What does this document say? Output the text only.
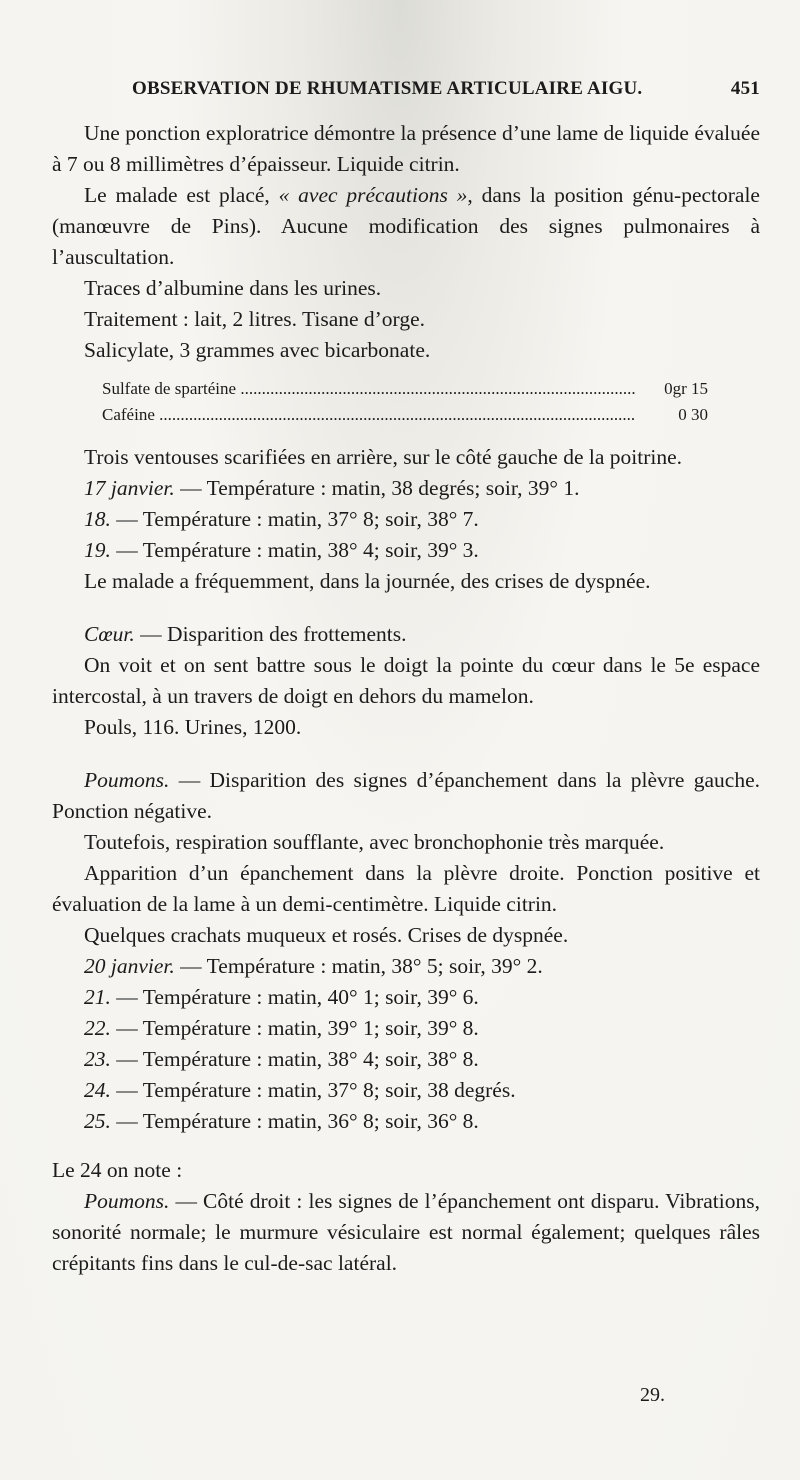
OBSERVATION DE RHUMATISME ARTICULAIRE AIGU.	451

Une ponction exploratrice démontre la présence d’une lame de liquide évaluée à 7 ou 8 millimètres d’épaisseur. Liquide citrin.

Le malade est placé, « avec précautions », dans la position génu-pectorale (manœuvre de Pins). Aucune modification des signes pulmonaires à l’auscultation.

Traces d’albumine dans les urines.

Traitement : lait, 2 litres. Tisane d’orge.

Salicylate, 3 grammes avec bicarbonate.

Sulfate de spartéine .....	0gr 15
Caféine .....	0 30

Trois ventouses scarifiées en arrière, sur le côté gauche de la poitrine.

17 janvier. — Température : matin, 38 degrés; soir, 39° 1.

18. — Température : matin, 37° 8; soir, 38° 7.

19. — Température : matin, 38° 4; soir, 39° 3.

Le malade a fréquemment, dans la journée, des crises de dyspnée.

Cœur. — Disparition des frottements.

On voit et on sent battre sous le doigt la pointe du cœur dans le 5e espace intercostal, à un travers de doigt en dehors du mamelon.

Pouls, 116. Urines, 1200.

Poumons. — Disparition des signes d’épanchement dans la plèvre gauche. Ponction négative.

Toutefois, respiration soufflante, avec bronchophonie très marquée.

Apparition d’un épanchement dans la plèvre droite. Ponction positive et évaluation de la lame à un demi-centimètre. Liquide citrin.

Quelques crachats muqueux et rosés. Crises de dyspnée.

20 janvier. — Température : matin, 38° 5; soir, 39° 2.

21. — Température : matin, 40° 1; soir, 39° 6.

22. — Température : matin, 39° 1; soir, 39° 8.

23. — Température : matin, 38° 4; soir, 38° 8.

24. — Température : matin, 37° 8; soir, 38 degrés.

25. — Température : matin, 36° 8; soir, 36° 8.

Le 24 on note :

Poumons. — Côté droit : les signes de l’épanchement ont disparu. Vibrations, sonorité normale; le murmure vésiculaire est normal également; quelques râles crépitants fins dans le cul-de-sac latéral.

29.
